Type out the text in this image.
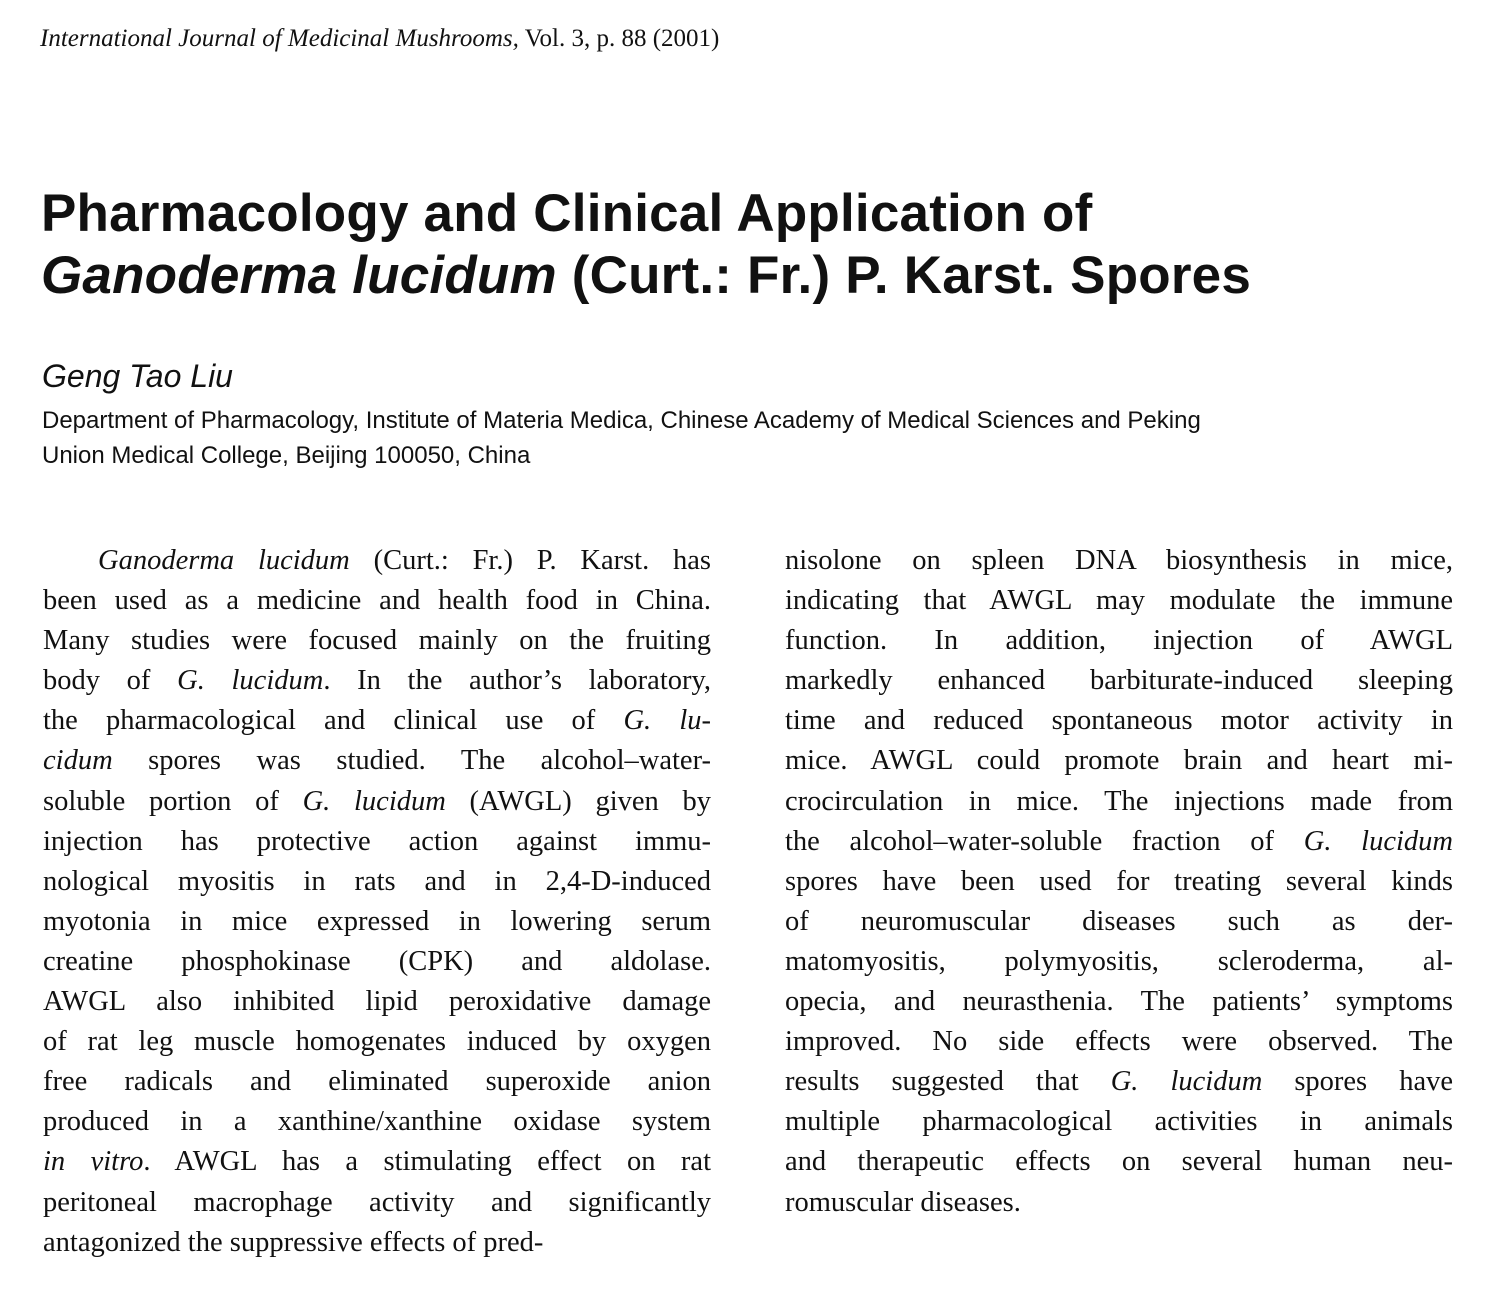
International Journal of Medicinal Mushrooms, Vol. 3, p. 88 (2001)
Pharmacology and Clinical Application of
Ganoderma lucidum (Curt.: Fr.) P. Karst. Spores
Geng Tao Liu
Department of Pharmacology, Institute of Materia Medica, Chinese Academy of Medical Sciences and Peking
Union Medical College, Beijing 100050, China
Ganoderma lucidum (Curt.: Fr.) P. Karst. has
been used as a medicine and health food in China.
Many studies were focused mainly on the fruiting
body of G. lucidum. In the author’s laboratory,
the pharmacological and clinical use of G. lu-
cidum spores was studied. The alcohol–water-
soluble portion of G. lucidum (AWGL) given by
injection has protective action against immu-
nological myositis in rats and in 2,4-D-induced
myotonia in mice expressed in lowering serum
creatine phosphokinase (CPK) and aldolase.
AWGL also inhibited lipid peroxidative damage
of rat leg muscle homogenates induced by oxygen
free radicals and eliminated superoxide anion
produced in a xanthine/xanthine oxidase system
in vitro. AWGL has a stimulating effect on rat
peritoneal macrophage activity and significantly
antagonized the suppressive effects of pred-
nisolone on spleen DNA biosynthesis in mice,
indicating that AWGL may modulate the immune
function. In addition, injection of AWGL
markedly enhanced barbiturate-induced sleeping
time and reduced spontaneous motor activity in
mice. AWGL could promote brain and heart mi-
crocirculation in mice. The injections made from
the alcohol–water-soluble fraction of G. lucidum
spores have been used for treating several kinds
of neuromuscular diseases such as der-
matomyositis, polymyositis, scleroderma, al-
opecia, and neurasthenia. The patients’ symptoms
improved. No side effects were observed. The
results suggested that G. lucidum spores have
multiple pharmacological activities in animals
and therapeutic effects on several human neu-
romuscular diseases.
